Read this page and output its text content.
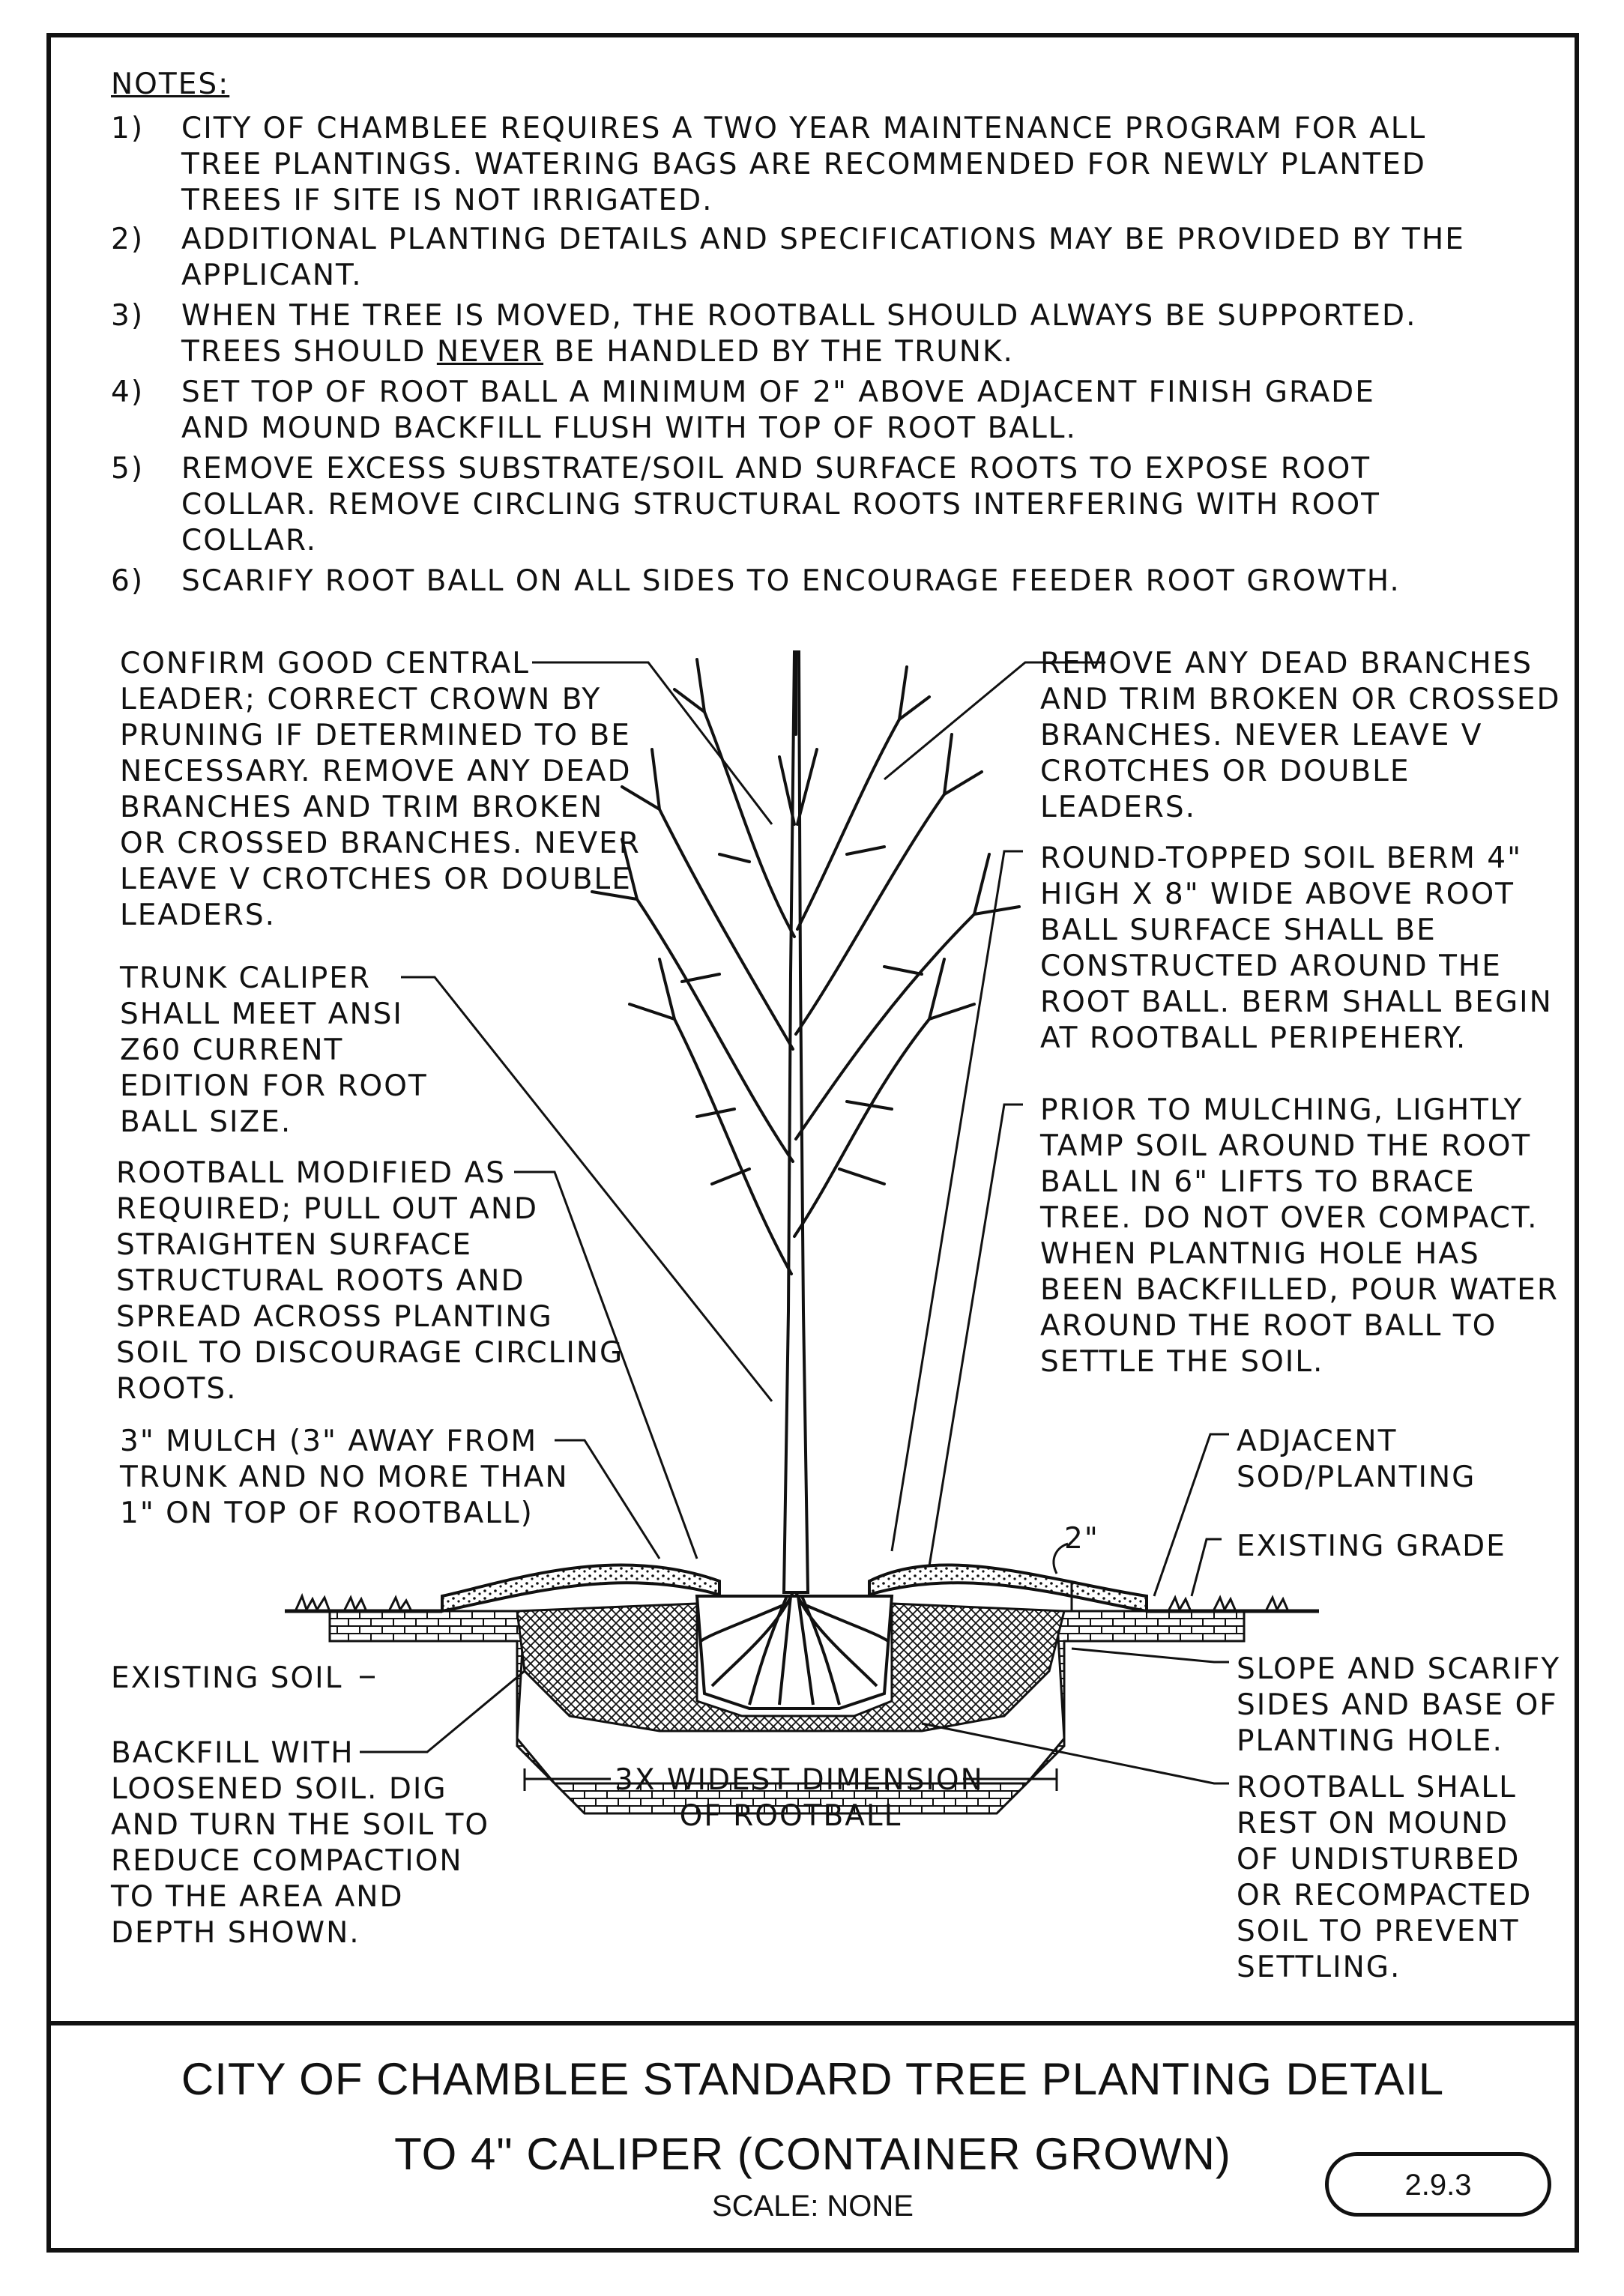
NOTES:
1) CITY OF CHAMBLEE REQUIRES A TWO YEAR MAINTENANCE PROGRAM FOR ALL
TREE PLANTINGS. WATERING BAGS ARE RECOMMENDED FOR NEWLY PLANTED
TREES IF SITE IS NOT IRRIGATED.
2) ADDITIONAL PLANTING DETAILS AND SPECIFICATIONS MAY BE PROVIDED BY THE
APPLICANT.
3) WHEN THE TREE IS MOVED, THE ROOTBALL SHOULD ALWAYS BE SUPPORTED.
TREES SHOULD NEVER BE HANDLED BY THE TRUNK.
4) SET TOP OF ROOT BALL A MINIMUM OF 2" ABOVE ADJACENT FINISH GRADE
AND MOUND BACKFILL FLUSH WITH TOP OF ROOT BALL.
5) REMOVE EXCESS SUBSTRATE/SOIL AND SURFACE ROOTS TO EXPOSE ROOT
COLLAR. REMOVE CIRCLING STRUCTURAL ROOTS INTERFERING WITH ROOT
COLLAR.
6) SCARIFY ROOT BALL ON ALL SIDES TO ENCOURAGE FEEDER ROOT GROWTH.
CONFIRM GOOD CENTRAL
LEADER; CORRECT CROWN BY
PRUNING IF DETERMINED TO BE
NECESSARY. REMOVE ANY DEAD
BRANCHES AND TRIM BROKEN
OR CROSSED BRANCHES. NEVER
LEAVE V CROTCHES OR DOUBLE
LEADERS.
TRUNK CALIPER
SHALL MEET ANSI
Z60 CURRENT
EDITION FOR ROOT
BALL SIZE.
ROOTBALL MODIFIED AS
REQUIRED; PULL OUT AND
STRAIGHTEN SURFACE
STRUCTURAL ROOTS AND
SPREAD ACROSS PLANTING
SOIL TO DISCOURAGE CIRCLING
ROOTS.
3" MULCH (3" AWAY FROM
TRUNK AND NO MORE THAN
1" ON TOP OF ROOTBALL)
EXISTING SOIL
BACKFILL WITH
LOOSENED SOIL. DIG
AND TURN THE SOIL TO
REDUCE COMPACTION
TO THE AREA AND
DEPTH SHOWN.
REMOVE ANY DEAD BRANCHES
AND TRIM BROKEN OR CROSSED
BRANCHES. NEVER LEAVE V
CROTCHES OR DOUBLE
LEADERS.
ROUND-TOPPED SOIL BERM 4"
HIGH X 8" WIDE ABOVE ROOT
BALL SURFACE SHALL BE
CONSTRUCTED AROUND THE
ROOT BALL. BERM SHALL BEGIN
AT ROOTBALL PERIPEHERY.
PRIOR TO MULCHING, LIGHTLY
TAMP SOIL AROUND THE ROOT
BALL IN 6" LIFTS TO BRACE
TREE. DO NOT OVER COMPACT.
WHEN PLANTNIG HOLE HAS
BEEN BACKFILLED, POUR WATER
AROUND THE ROOT BALL TO
SETTLE THE SOIL.
ADJACENT
SOD/PLANTING
EXISTING GRADE
2"
SLOPE AND SCARIFY
SIDES AND BASE OF
PLANTING HOLE.
3X WIDEST DIMENSION
OF ROOTBALL
ROOTBALL SHALL
REST ON MOUND
OF UNDISTURBED
OR RECOMPACTED
SOIL TO PREVENT
SETTLING.
CITY OF CHAMBLEE STANDARD TREE PLANTING DETAIL
TO 4" CALIPER (CONTAINER GROWN)
SCALE: NONE
2.9.3
